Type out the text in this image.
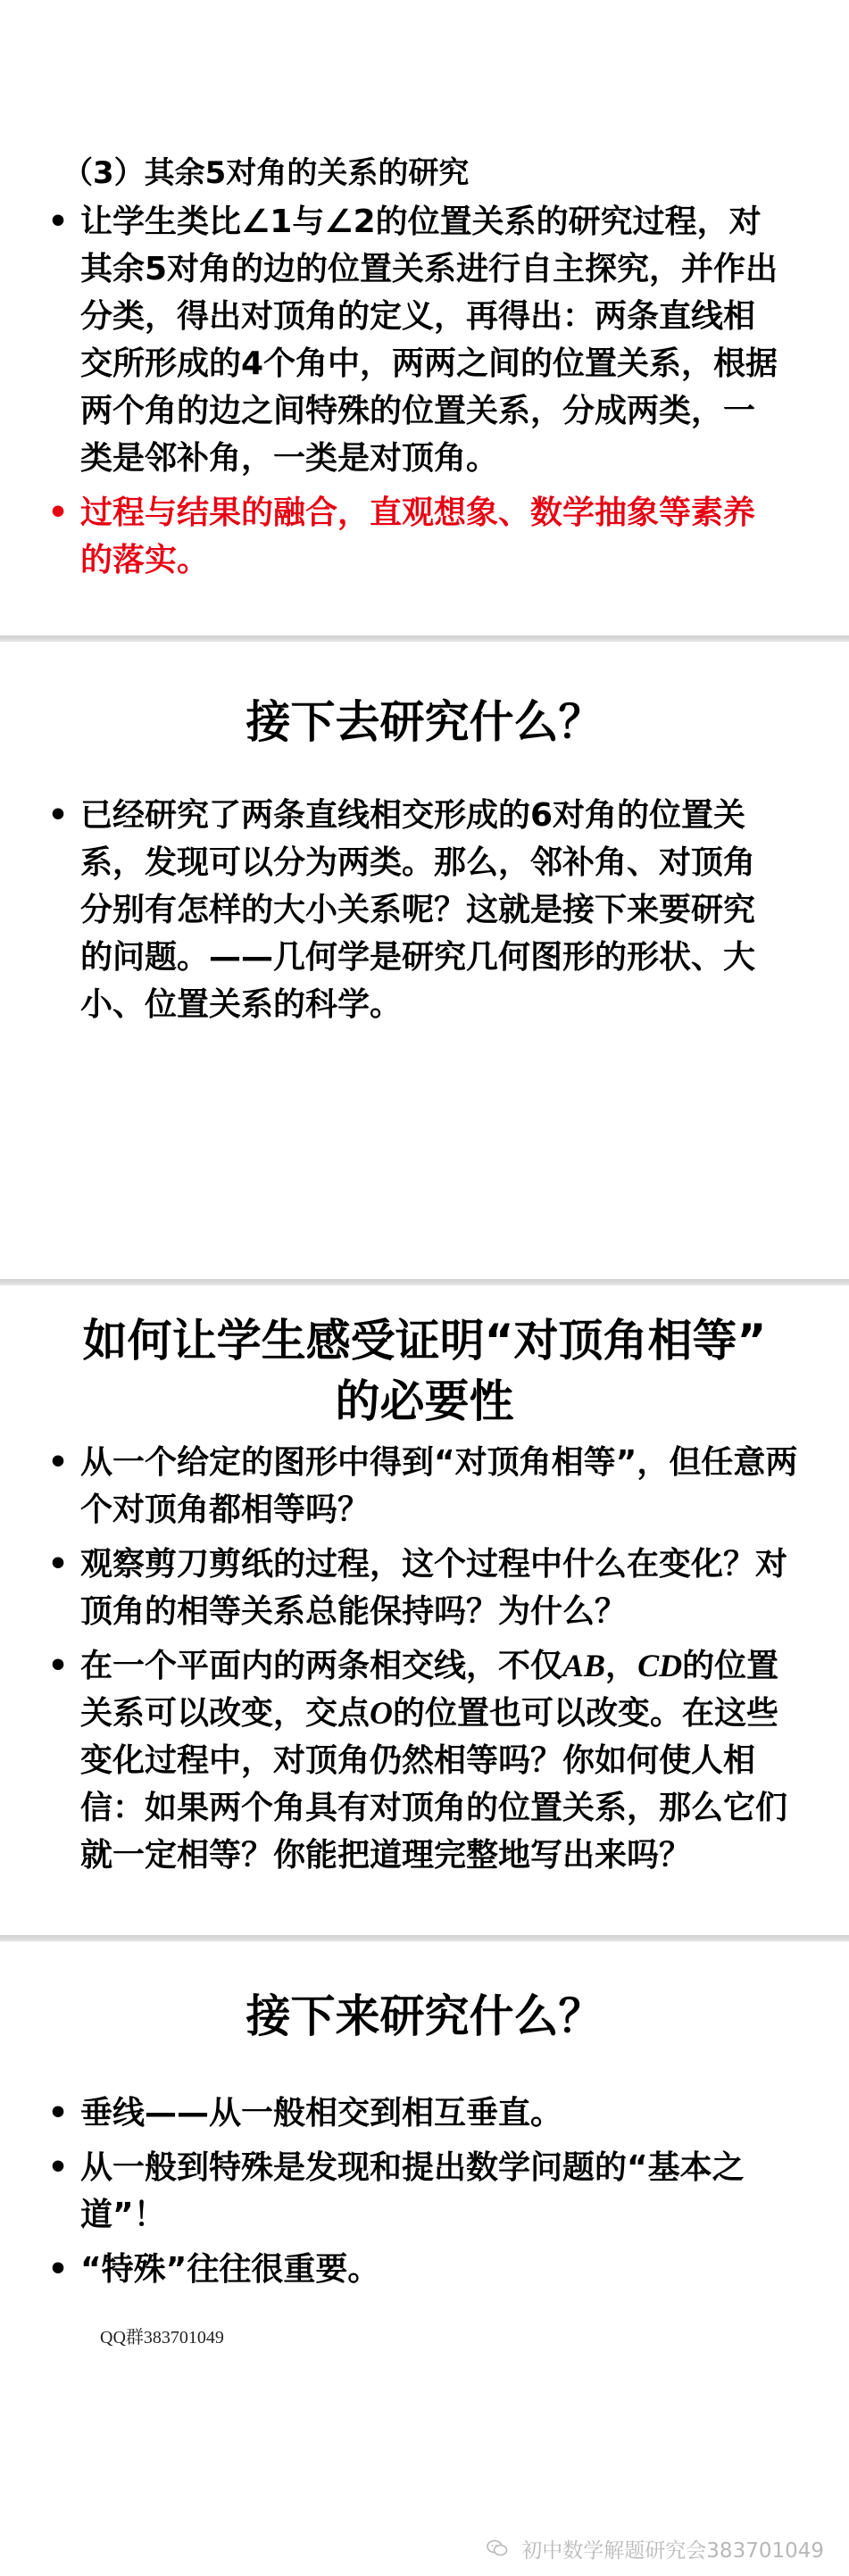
（3）其余5对角的关系的研究
• 让学生类比∠1与∠2的位置关系的研究过程，对其余5对角的边的位置关系进行自主探究，并作出分类，得出对顶角的定义，再得出：两条直线相交所形成的4个角中，两两之间的位置关系，根据两个角的边之间特殊的位置关系，分成两类，一类是邻补角，一类是对顶角。
• 过程与结果的融合，直观想象、数学抽象等素养的落实。
接下去研究什么？
• 已经研究了两条直线相交形成的6对角的位置关系，发现可以分为两类。那么，邻补角、对顶角分别有怎样的大小关系呢？这就是接下来要研究的问题。——几何学是研究几何图形的形状、大小、位置关系的科学。
如何让学生感受证明“对顶角相等”
的必要性
• 从一个给定的图形中得到“对顶角相等”，但任意两个对顶角都相等吗？
• 观察剪刀剪纸的过程，这个过程中什么在变化？对顶角的相等关系总能保持吗？为什么？
• 在一个平面内的两条相交线，不仅AB，CD的位置关系可以改变，交点O的位置也可以改变。在这些变化过程中，对顶角仍然相等吗？你如何使人相信：如果两个角具有对顶角的位置关系，那么它们就一定相等？你能把道理完整地写出来吗？
接下来研究什么？
• 垂线——从一般相交到相互垂直。
• 从一般到特殊是发现和提出数学问题的“基本之道”！
• “特殊”往往很重要。
QQ群383701049
初中数学解题研究会383701049
